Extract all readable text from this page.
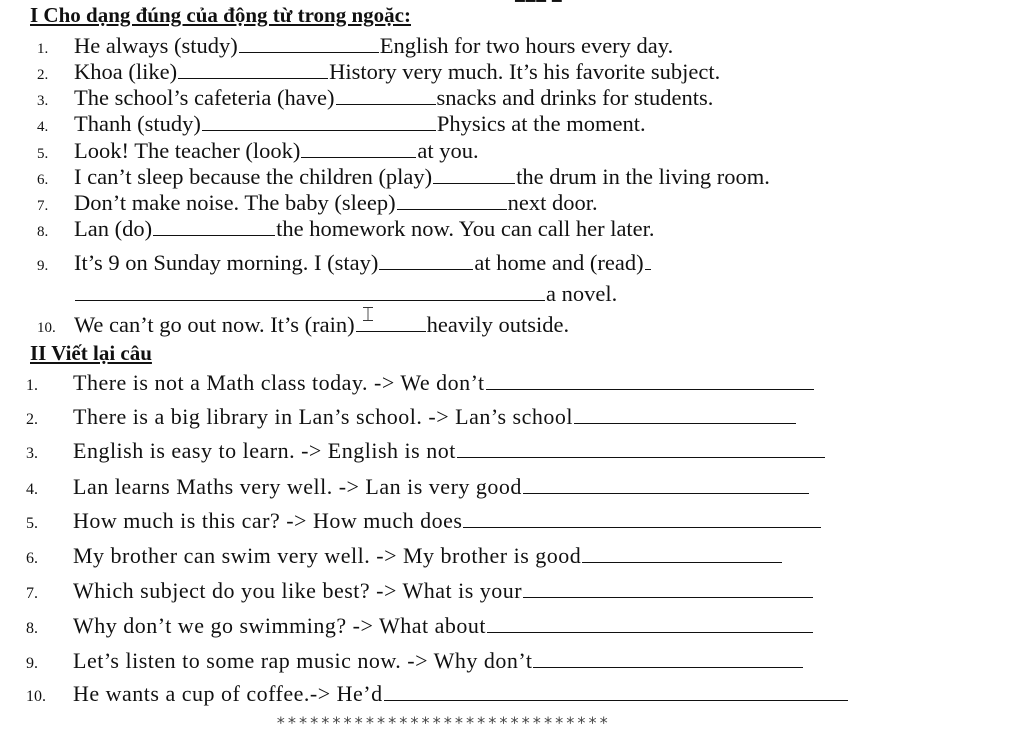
━━━ ━
I Cho dạng đúng của động từ trong ngoặc:
1. He always (study)	English for two hours every day.
2. Khoa (like)	History very much. It’s his favorite subject.
3. The school’s cafeteria (have)	snacks and drinks for students.
4. Thanh (study)	Physics at the moment.
5. Look! The teacher (look)	at you.
6. I can’t sleep because the children (play)	the drum in the living room.
7. Don’t make noise. The baby (sleep)	next door.
8. Lan (do)	the homework now. You can call her later.
9. It’s 9 on Sunday morning. I (stay)	at home and (read)
a novel.
10. We can’t go out now. It’s (rain)	heavily outside.
⌶
II Viết lại câu
1. There is not a Math class today. -> We don’t
2. There is a big library in Lan’s school. -> Lan’s school
3. English is easy to learn. -> English is not
4. Lan learns Maths very well. -> Lan is very good
5. How much is this car? -> How much does
6. My brother can swim very well. -> My brother is good
7. Which subject do you like best? -> What is your
8. Why don’t we go swimming? -> What about
9. Let’s listen to some rap music now. -> Why don’t
10. He wants a cup of coffee.-> He’d
******************************
